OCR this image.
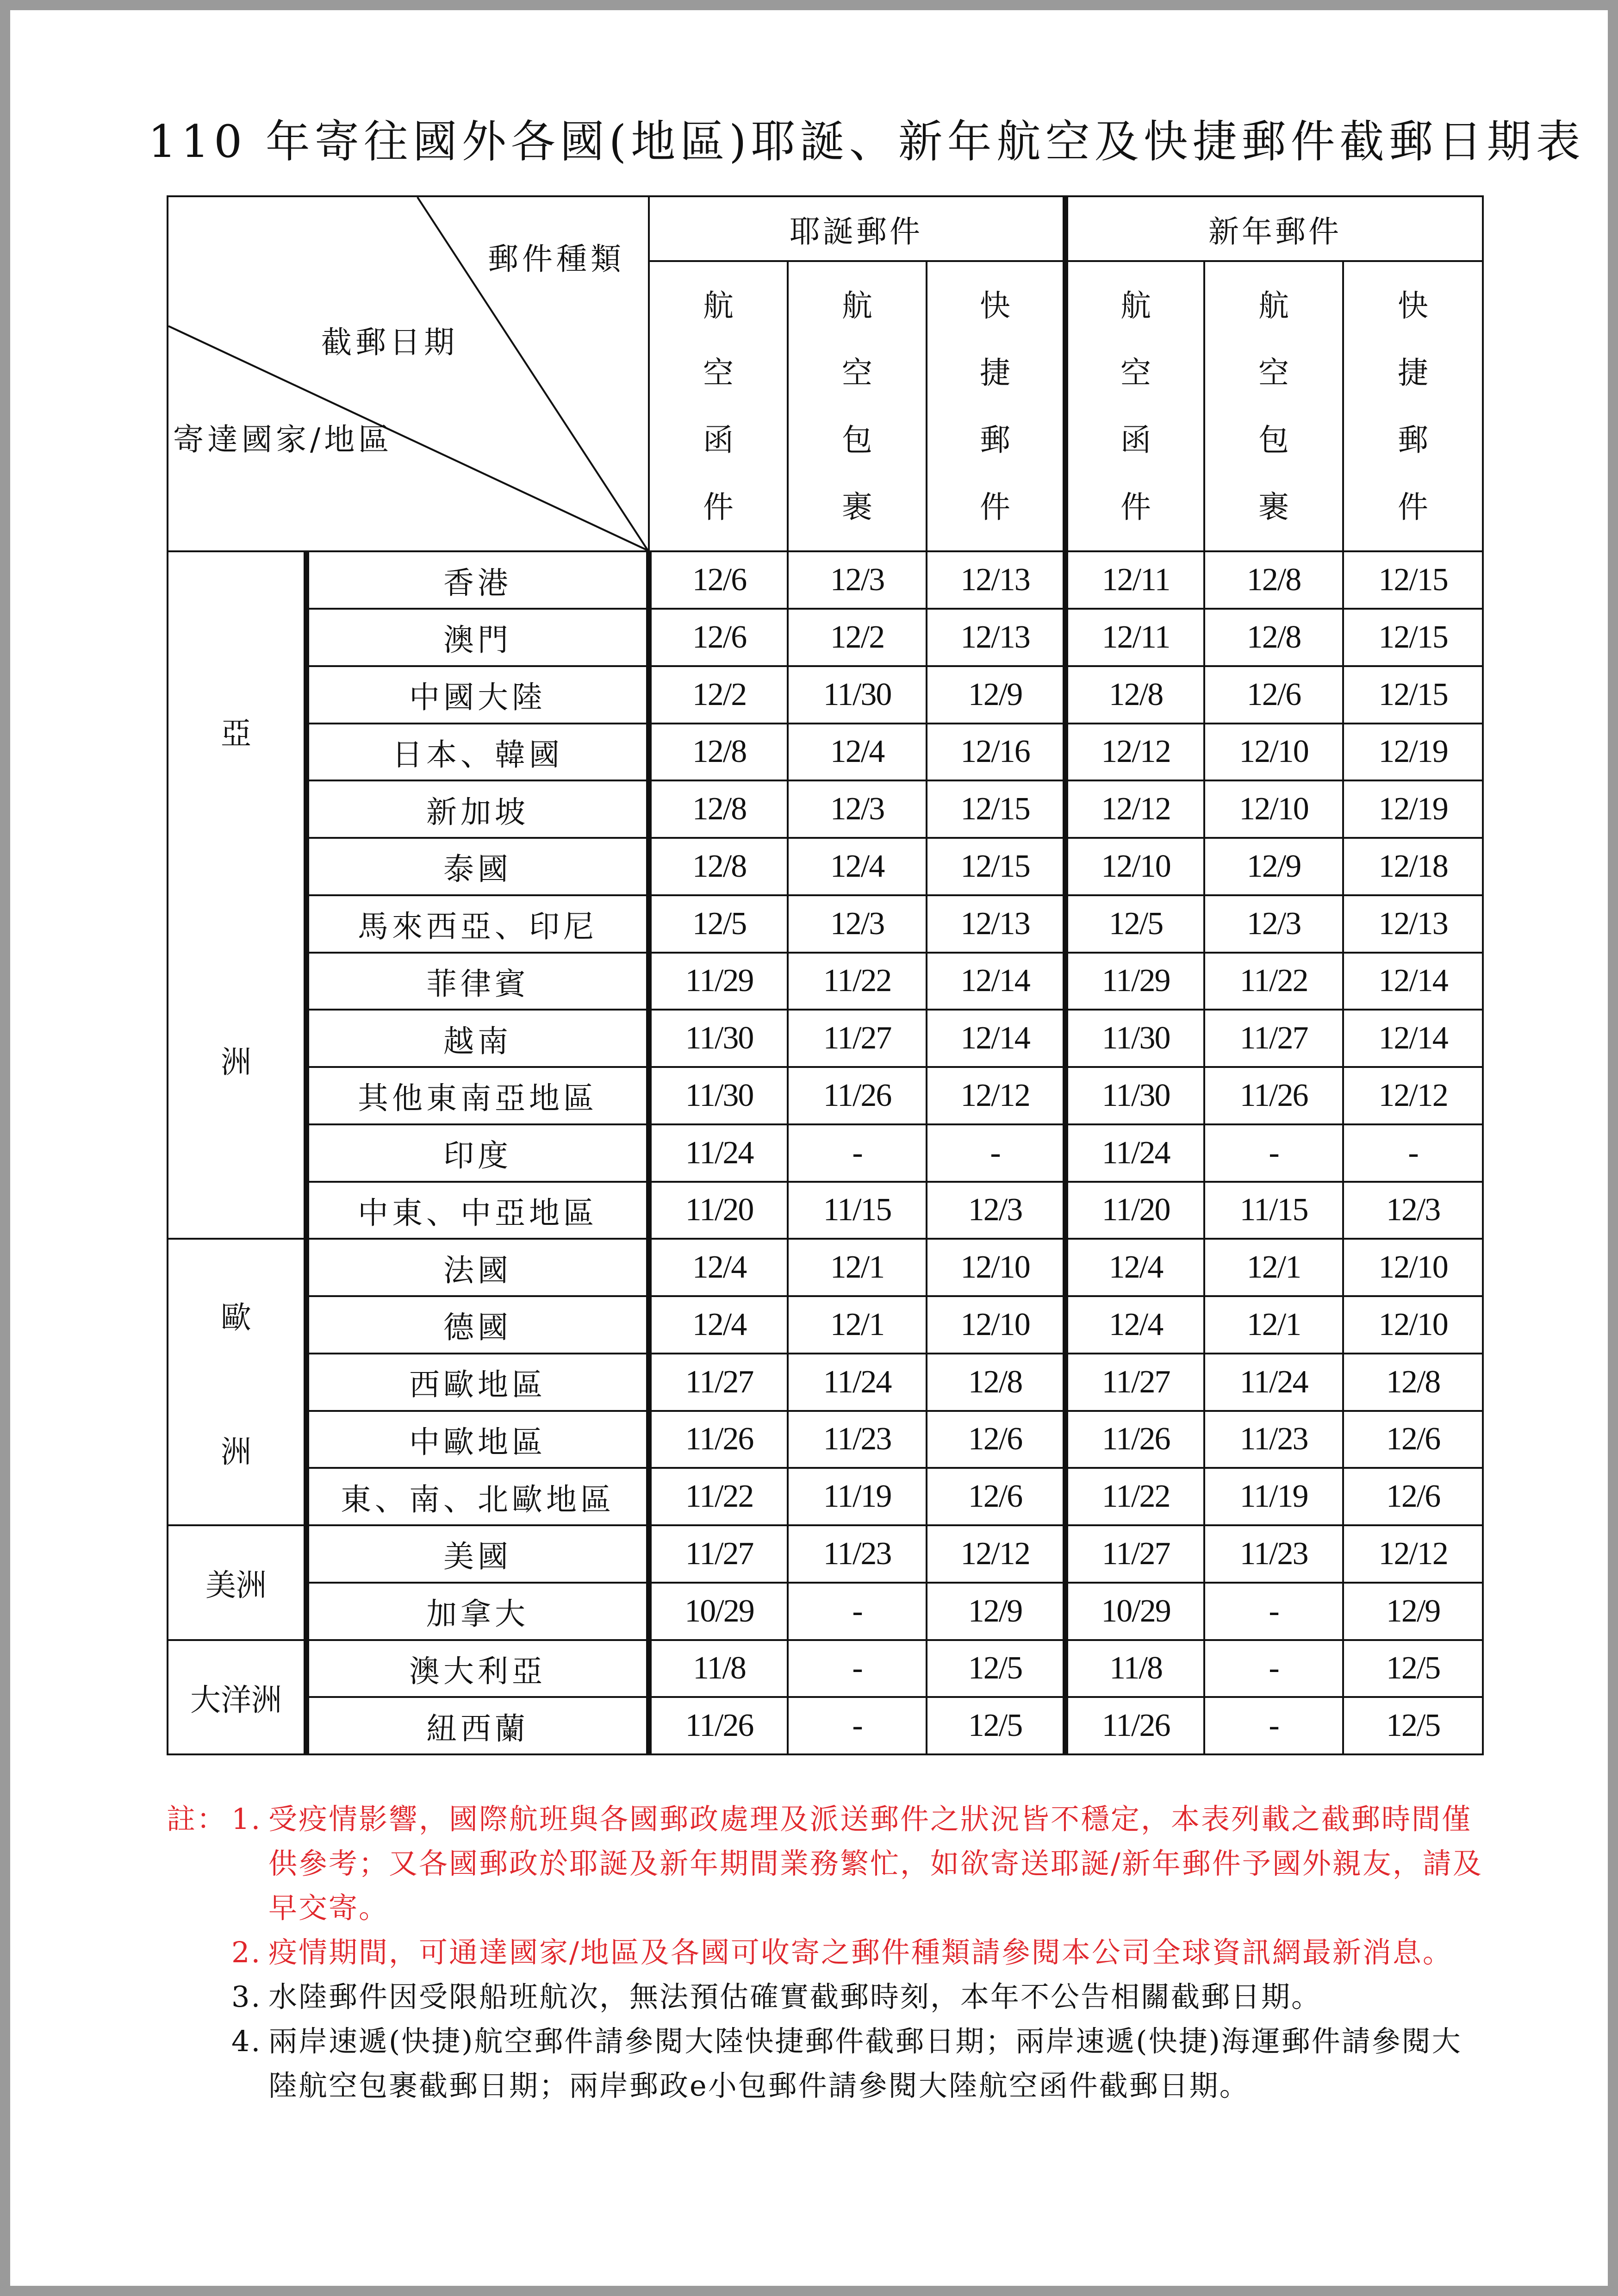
110 年寄往國外各國(地區)耶誕、新年航空及快捷郵件截郵日期表
郵件種類
截郵日期
寄達國家/地區		耶誕郵件			新年郵件		
		航空函件	航空包裹	快捷郵件	航空函件	航空包裹	快捷郵件

亞
洲	香港	12/6	12/3	12/13	12/11	12/8	12/15
	澳門	12/6	12/2	12/13	12/11	12/8	12/15
	中國大陸	12/2	11/30	12/9	12/8	12/6	12/15
	日本、韓國	12/8	12/4	12/16	12/12	12/10	12/19
	新加坡	12/8	12/3	12/15	12/12	12/10	12/19
	泰國	12/8	12/4	12/15	12/10	12/9	12/18
	馬來西亞、印尼	12/5	12/3	12/13	12/5	12/3	12/13
	菲律賓	11/29	11/22	12/14	11/29	11/22	12/14
	越南	11/30	11/27	12/14	11/30	11/27	12/14
	其他東南亞地區	11/30	11/26	12/12	11/30	11/26	12/12
	印度	11/24	-	-	11/24	-	-
	中東、中亞地區	11/20	11/15	12/3	11/20	11/15	12/3

歐
洲	法國	12/4	12/1	12/10	12/4	12/1	12/10
	德國	12/4	12/1	12/10	12/4	12/1	12/10
	西歐地區	11/27	11/24	12/8	11/27	11/24	12/8
	中歐地區	11/26	11/23	12/6	11/26	11/23	12/6
	東、南、北歐地區	11/22	11/19	12/6	11/22	11/19	12/6

美洲	美國	11/27	11/23	12/12	11/27	11/23	12/12
	加拿大	10/29	-	12/9	10/29	-	12/9

大洋洲	澳大利亞	11/8	-	12/5	11/8	-	12/5
	紐西蘭	11/26	-	12/5	11/26	-	12/5
註： 1. 受疫情影響，國際航班與各國郵政處理及派送郵件之狀況皆不穩定，本表列載之截郵時間僅供參考；又各國郵政於耶誕及新年期間業務繁忙，如欲寄送耶誕/新年郵件予國外親友，請及早交寄。
2. 疫情期間，可通達國家/地區及各國可收寄之郵件種類請參閱本公司全球資訊網最新消息。
3. 水陸郵件因受限船班航次，無法預估確實截郵時刻，本年不公告相關截郵日期。
4. 兩岸速遞(快捷)航空郵件請參閱大陸快捷郵件截郵日期；兩岸速遞(快捷)海運郵件請參閱大陸航空包裹截郵日期；兩岸郵政e小包郵件請參閱大陸航空函件截郵日期。
